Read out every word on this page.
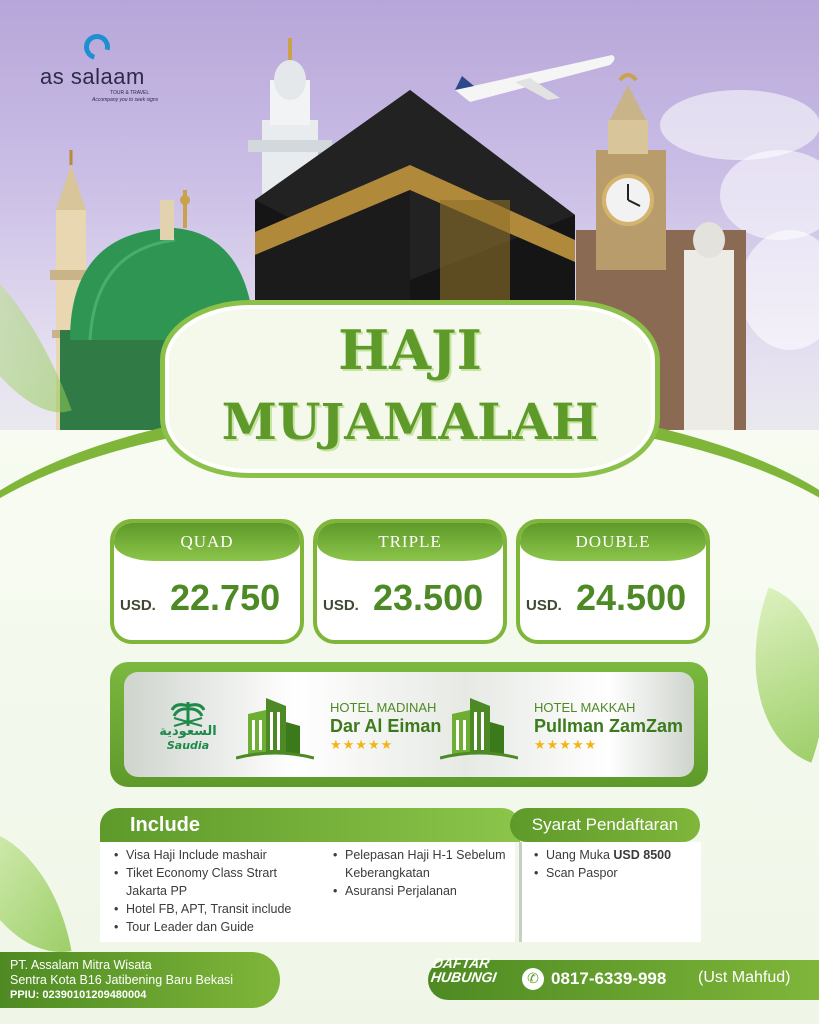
as salaam
TOUR & TRAVEL
Accompany you to seek signs
HAJI
MUJAMALAH
QUAD
USD. 22.750
TRIPLE
USD. 23.500
DOUBLE
USD. 24.500
السعودية
Saudia
HOTEL MADINAH
Dar Al Eiman
★★★★★
HOTEL MAKKAH
Pullman ZamZam
★★★★★
• Visa Haji Include mashair
• Tiket Economy Class Strart Jakarta PP
• Hotel FB, APT, Transit include
• Tour Leader dan Guide
• Pelepasan Haji H-1 Sebelum Keberangkatan
• Asuransi Perjalanan
• Uang Muka USD 8500
• Scan Paspor
Include	Syarat Pendaftaran
PT. Assalam Mitra Wisata
Sentra Kota B16 Jatibening Baru Bekasi
PPIU: 02390101209480004
DAFTAR
HUBUNGI	✆ 0817-6339-998 (Ust Mahfud)
